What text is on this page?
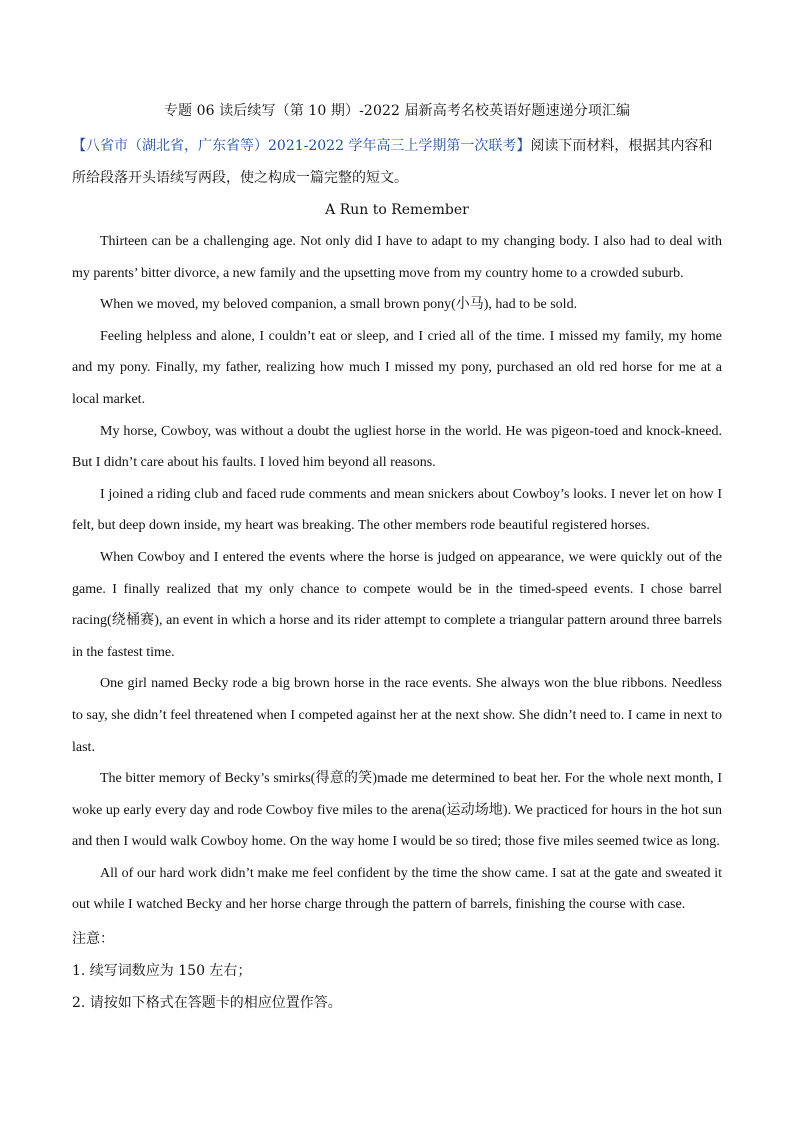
专题 06 读后续写（第 10 期）-2022 届新高考名校英语好题速递分项汇编

【八省市（湖北省，广东省等）2021-2022 学年高三上学期第一次联考】阅读下而材料，根据其内容和所给段落开头语续写两段，使之构成一篇完整的短文。

A Run to Remember

Thirteen can be a challenging age. Not only did I have to adapt to my changing body. I also had to deal with my parents’ bitter divorce, a new family and the upsetting move from my country home to a crowded suburb.

When we moved, my beloved companion, a small brown pony(小马), had to be sold.

Feeling helpless and alone, I couldn’t eat or sleep, and I cried all of the time. I missed my family, my home and my pony. Finally, my father, realizing how much I missed my pony, purchased an old red horse for me at a local market.

My horse, Cowboy, was without a doubt the ugliest horse in the world. He was pigeon-toed and knock-kneed. But I didn’t care about his faults. I loved him beyond all reasons.

I joined a riding club and faced rude comments and mean snickers about Cowboy’s looks. I never let on how I felt, but deep down inside, my heart was breaking. The other members rode beautiful registered horses.

When Cowboy and I entered the events where the horse is judged on appearance, we were quickly out of the game. I finally realized that my only chance to compete would be in the timed-speed events. I chose barrel racing(绕桶赛), an event in which a horse and its rider attempt to complete a triangular pattern around three barrels in the fastest time.

One girl named Becky rode a big brown horse in the race events. She always won the blue ribbons. Needless to say, she didn’t feel threatened when I competed against her at the next show. She didn’t need to. I came in next to last.

The bitter memory of Becky’s smirks(得意的笑)made me determined to beat her. For the whole next month, I woke up early every day and rode Cowboy five miles to the arena(运动场地). We practiced for hours in the hot sun and then I would walk Cowboy home. On the way home I would be so tired; those five miles seemed twice as long.

All of our hard work didn’t make me feel confident by the time the show came. I sat at the gate and sweated it out while I watched Becky and her horse charge through the pattern of barrels, finishing the course with case.

注意：

1. 续写词数应为 150 左右；

2. 请按如下格式在答题卡的相应位置作答。
